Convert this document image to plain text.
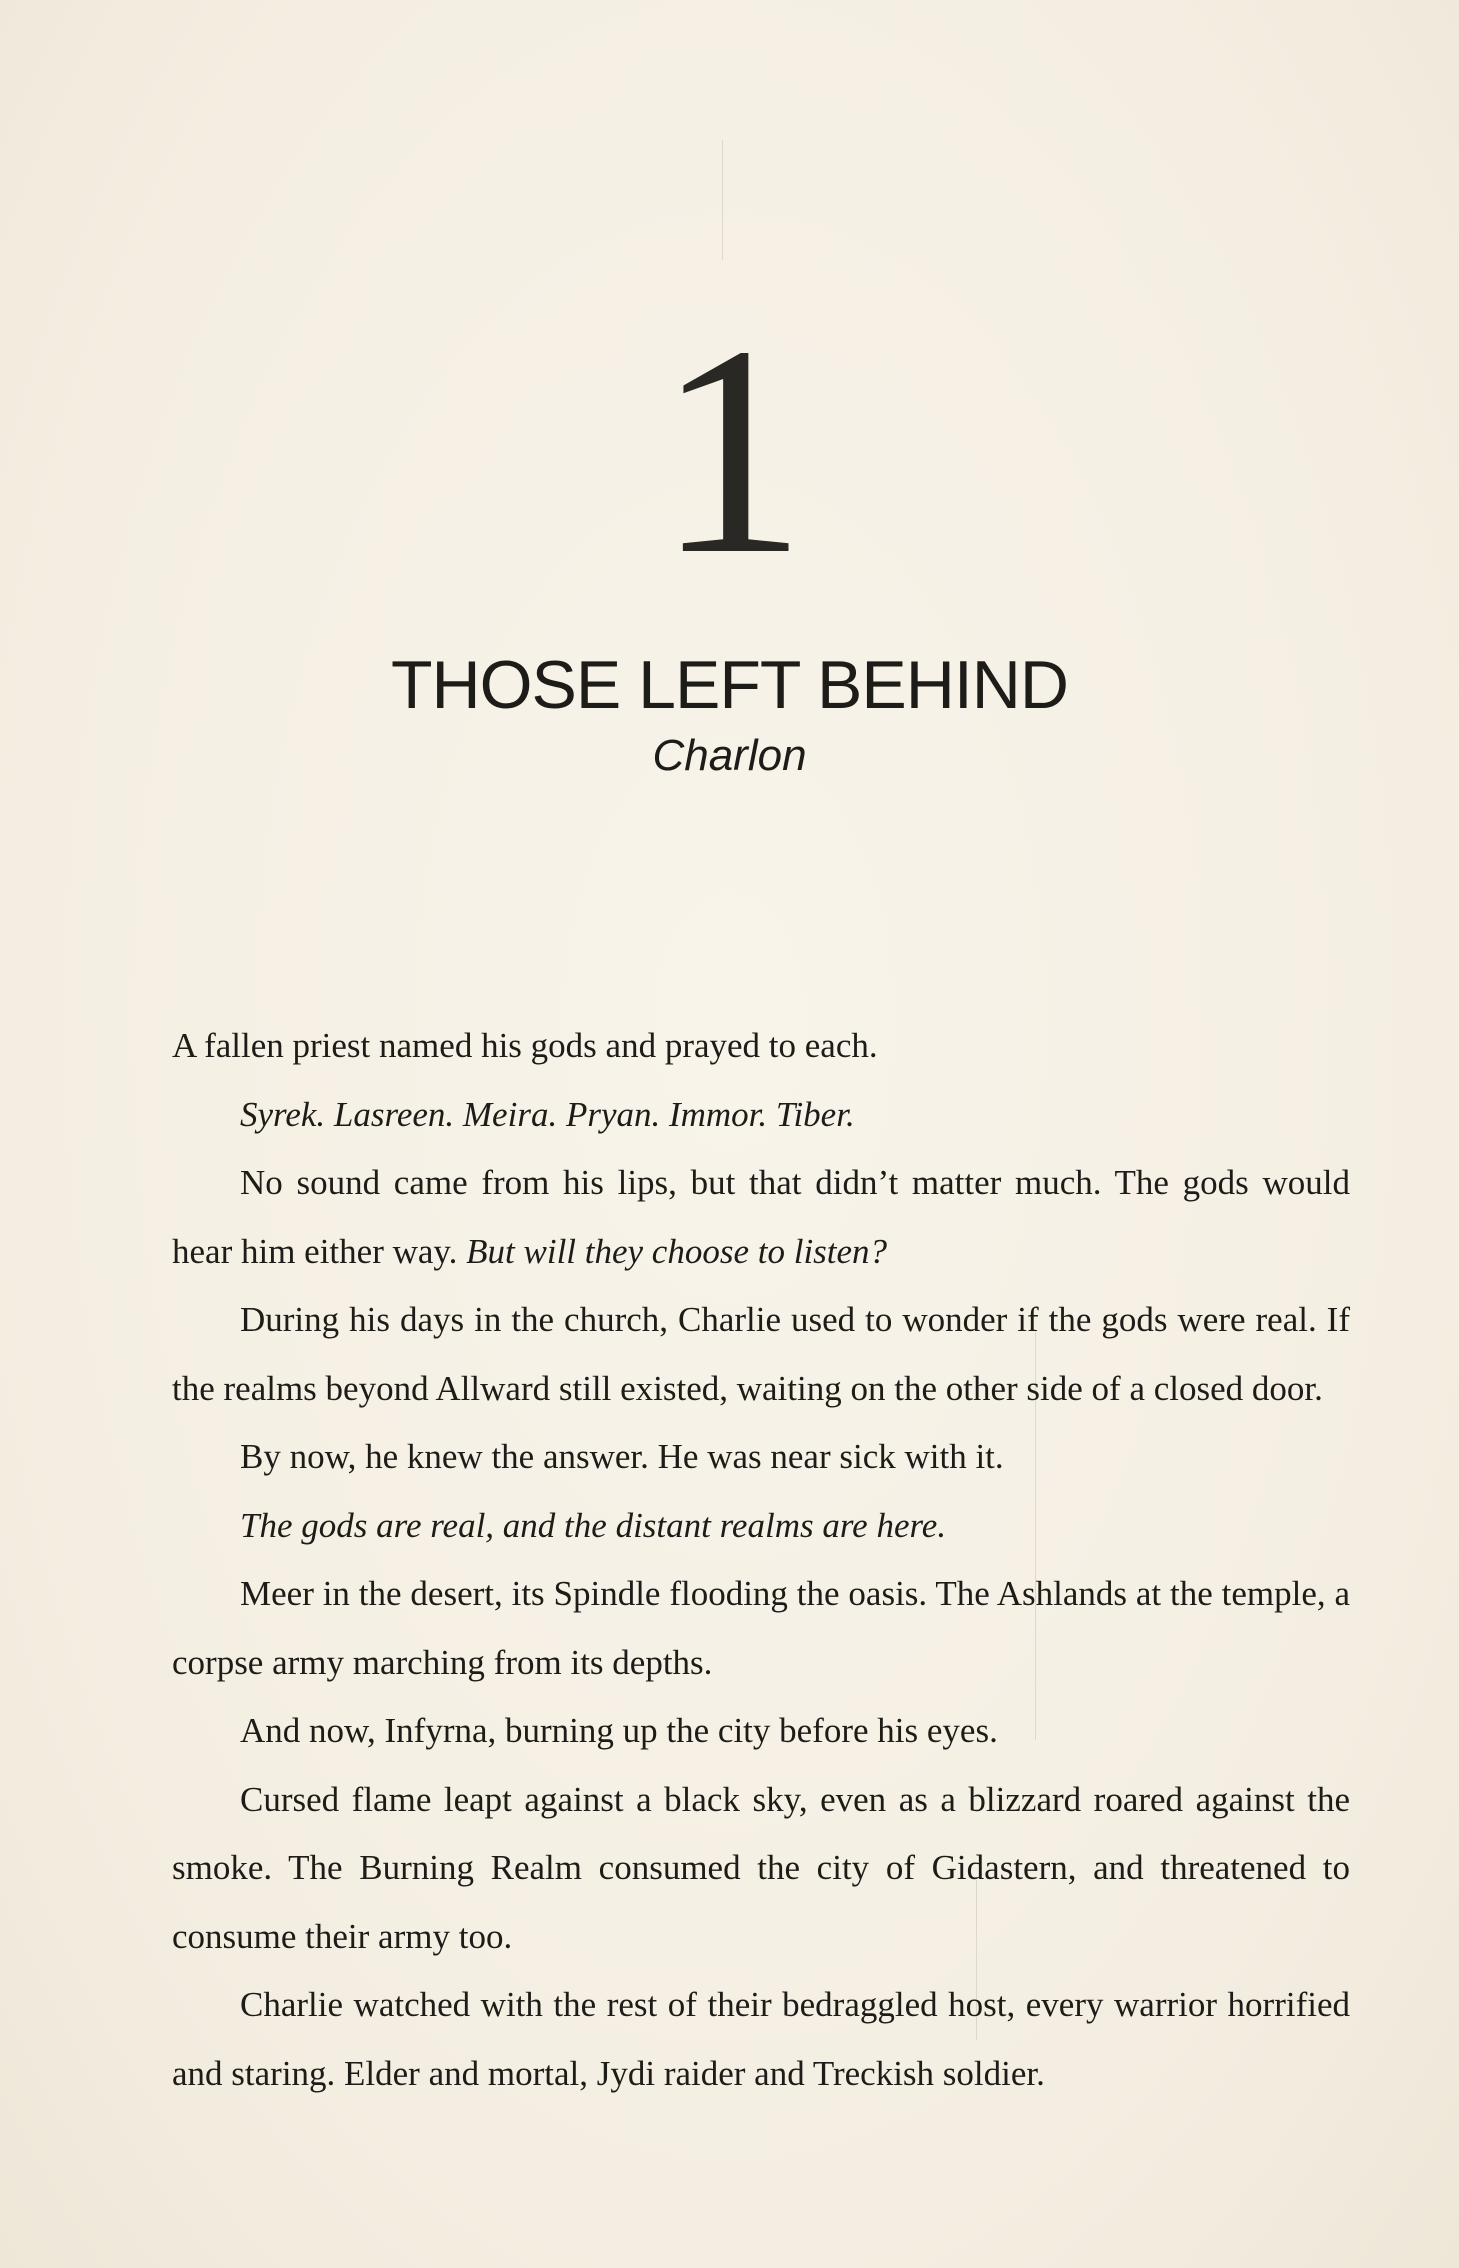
1
THOSE LEFT BEHIND
Charlon

A fallen priest named his gods and prayed to each.

Syrek. Lasreen. Meira. Pryan. Immor. Tiber.

No sound came from his lips, but that didn’t matter much. The gods would hear him either way. But will they choose to listen?

During his days in the church, Charlie used to wonder if the gods were real. If the realms beyond Allward still existed, waiting on the other side of a closed door.

By now, he knew the answer. He was near sick with it.

The gods are real, and the distant realms are here.

Meer in the desert, its Spindle flooding the oasis. The Ashlands at the temple, a corpse army marching from its depths.

And now, Infyrna, burning up the city before his eyes.

Cursed flame leapt against a black sky, even as a blizzard roared against the smoke. The Burning Realm consumed the city of Gidastern, and threatened to consume their army too.

Charlie watched with the rest of their bedraggled host, every warrior horrified and staring. Elder and mortal, Jydi raider and Treckish soldier.
